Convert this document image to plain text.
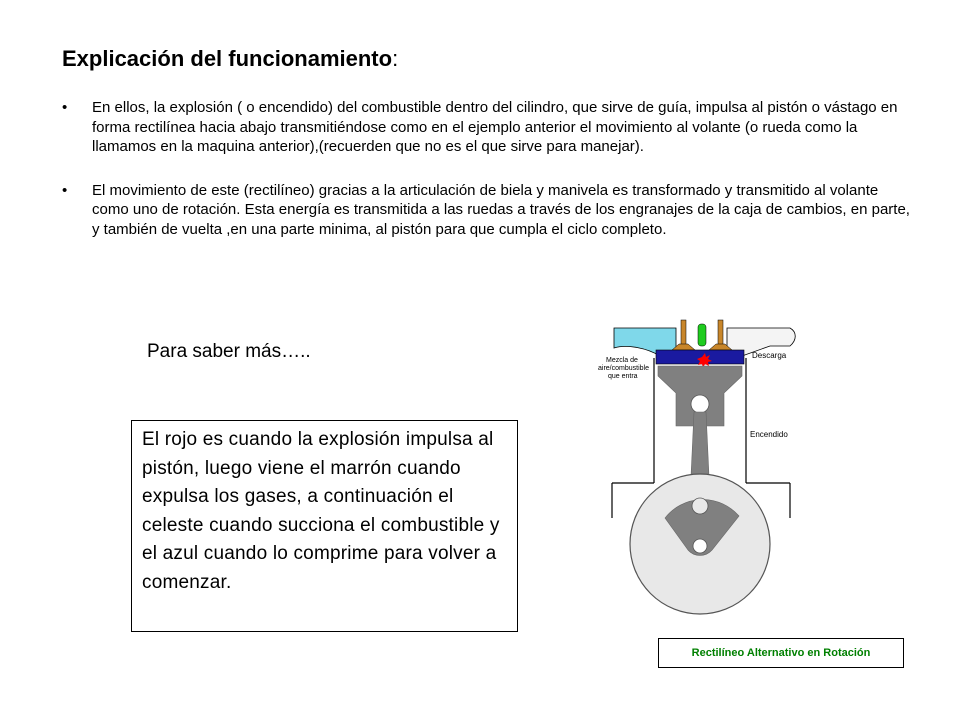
Explicación del funcionamiento:
• En ellos, la explosión ( o encendido) del combustible dentro del cilindro, que sirve de guía, impulsa al pistón o vástago en forma rectilínea hacia abajo transmitiéndose como en el ejemplo anterior el movimiento al volante (o rueda como la llamamos en la maquina anterior),(recuerden que no es el que sirve para manejar).
• El movimiento de este (rectilíneo) gracias a la articulación de biela y manivela es transformado y transmitido al volante como uno de rotación. Esta energía es transmitida a las ruedas a través de los engranajes de la caja de cambios, en parte, y también de vuelta ,en una parte minima, al pistón para que cumpla el ciclo completo.
Para saber más…..
El rojo es cuando la explosión impulsa al pistón, luego viene el marrón cuando expulsa los gases, a continuación el celeste cuando succiona el combustible y el azul cuando lo comprime para volver a comenzar.
Mezcla de
aire/combustible
que entra
Descarga
Encendido
Rectilíneo Alternativo en Rotación
